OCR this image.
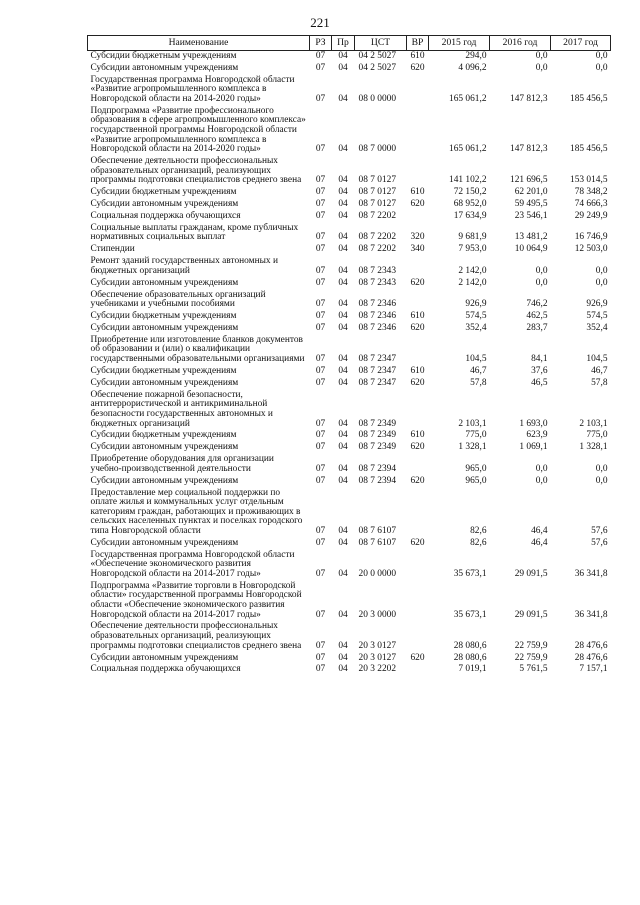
221
Наименование	РЗ	Пр	ЦСТ	ВР	2015 год	2016 год	2017 год
Субсидии бюджетным учреждениям	07	04	04 2 5027	610	294,0	0,0	0,0
Субсидии автономным учреждениям	07	04	04 2 5027	620	4 096,2	0,0	0,0
Государственная программа Новгородской области «Развитие агропромышленного комплекса в Новгородской области на 2014-2020 годы»	07	04	08 0 0000		165 061,2	147 812,3	185 456,5
Подпрограмма «Развитие профессионального образования в сфере агропромышленного комплекса» государственной программы Новгородской области «Развитие агропромышленного комплекса в Новгородской области на 2014-2020 годы»	07	04	08 7 0000		165 061,2	147 812,3	185 456,5
Обеспечение деятельности профессиональных образовательных организаций, реализующих программы подготовки специалистов среднего звена	07	04	08 7 0127		141 102,2	121 696,5	153 014,5
Субсидии бюджетным учреждениям	07	04	08 7 0127	610	72 150,2	62 201,0	78 348,2
Субсидии автономным учреждениям	07	04	08 7 0127	620	68 952,0	59 495,5	74 666,3
Социальная поддержка обучающихся	07	04	08 7 2202		17 634,9	23 546,1	29 249,9
Социальные выплаты гражданам, кроме публичных нормативных социальных выплат	07	04	08 7 2202	320	9 681,9	13 481,2	16 746,9
Стипендии	07	04	08 7 2202	340	7 953,0	10 064,9	12 503,0
Ремонт зданий государственных автономных и бюджетных организаций	07	04	08 7 2343		2 142,0	0,0	0,0
Субсидии автономным учреждениям	07	04	08 7 2343	620	2 142,0	0,0	0,0
Обеспечение образовательных организаций учебниками и учебными пособиями	07	04	08 7 2346		926,9	746,2	926,9
Субсидии бюджетным учреждениям	07	04	08 7 2346	610	574,5	462,5	574,5
Субсидии автономным учреждениям	07	04	08 7 2346	620	352,4	283,7	352,4
Приобретение или изготовление бланков документов об образовании и (или) о квалификации государственными образовательными организациями	07	04	08 7 2347		104,5	84,1	104,5
Субсидии бюджетным учреждениям	07	04	08 7 2347	610	46,7	37,6	46,7
Субсидии автономным учреждениям	07	04	08 7 2347	620	57,8	46,5	57,8
Обеспечение пожарной безопасности, антитеррористической и антикриминальной безопасности государственных автономных и бюджетных организаций	07	04	08 7 2349		2 103,1	1 693,0	2 103,1
Субсидии бюджетным учреждениям	07	04	08 7 2349	610	775,0	623,9	775,0
Субсидии автономным учреждениям	07	04	08 7 2349	620	1 328,1	1 069,1	1 328,1
Приобретение оборудования для организации учебно-производственной деятельности	07	04	08 7 2394		965,0	0,0	0,0
Субсидии автономным учреждениям	07	04	08 7 2394	620	965,0	0,0	0,0
Предоставление мер социальной поддержки по оплате жилья и коммунальных услуг отдельным категориям граждан, работающих и проживающих в сельских населенных пунктах и поселках городского типа Новгородской области	07	04	08 7 6107		82,6	46,4	57,6
Субсидии автономным учреждениям	07	04	08 7 6107	620	82,6	46,4	57,6
Государственная программа Новгородской области «Обеспечение экономического развития Новгородской области на 2014-2017 годы»	07	04	20 0 0000		35 673,1	29 091,5	36 341,8
Подпрограмма «Развитие торговли в Новгородской области» государственной программы Новгородской области «Обеспечение экономического развития Новгородской области на 2014-2017 годы»	07	04	20 3 0000		35 673,1	29 091,5	36 341,8
Обеспечение деятельности профессиональных образовательных организаций, реализующих программы подготовки специалистов среднего звена	07	04	20 3 0127		28 080,6	22 759,9	28 476,6
Субсидии автономным учреждениям	07	04	20 3 0127	620	28 080,6	22 759,9	28 476,6
Социальная поддержка обучающихся	07	04	20 3 2202		7 019,1	5 761,5	7 157,1
